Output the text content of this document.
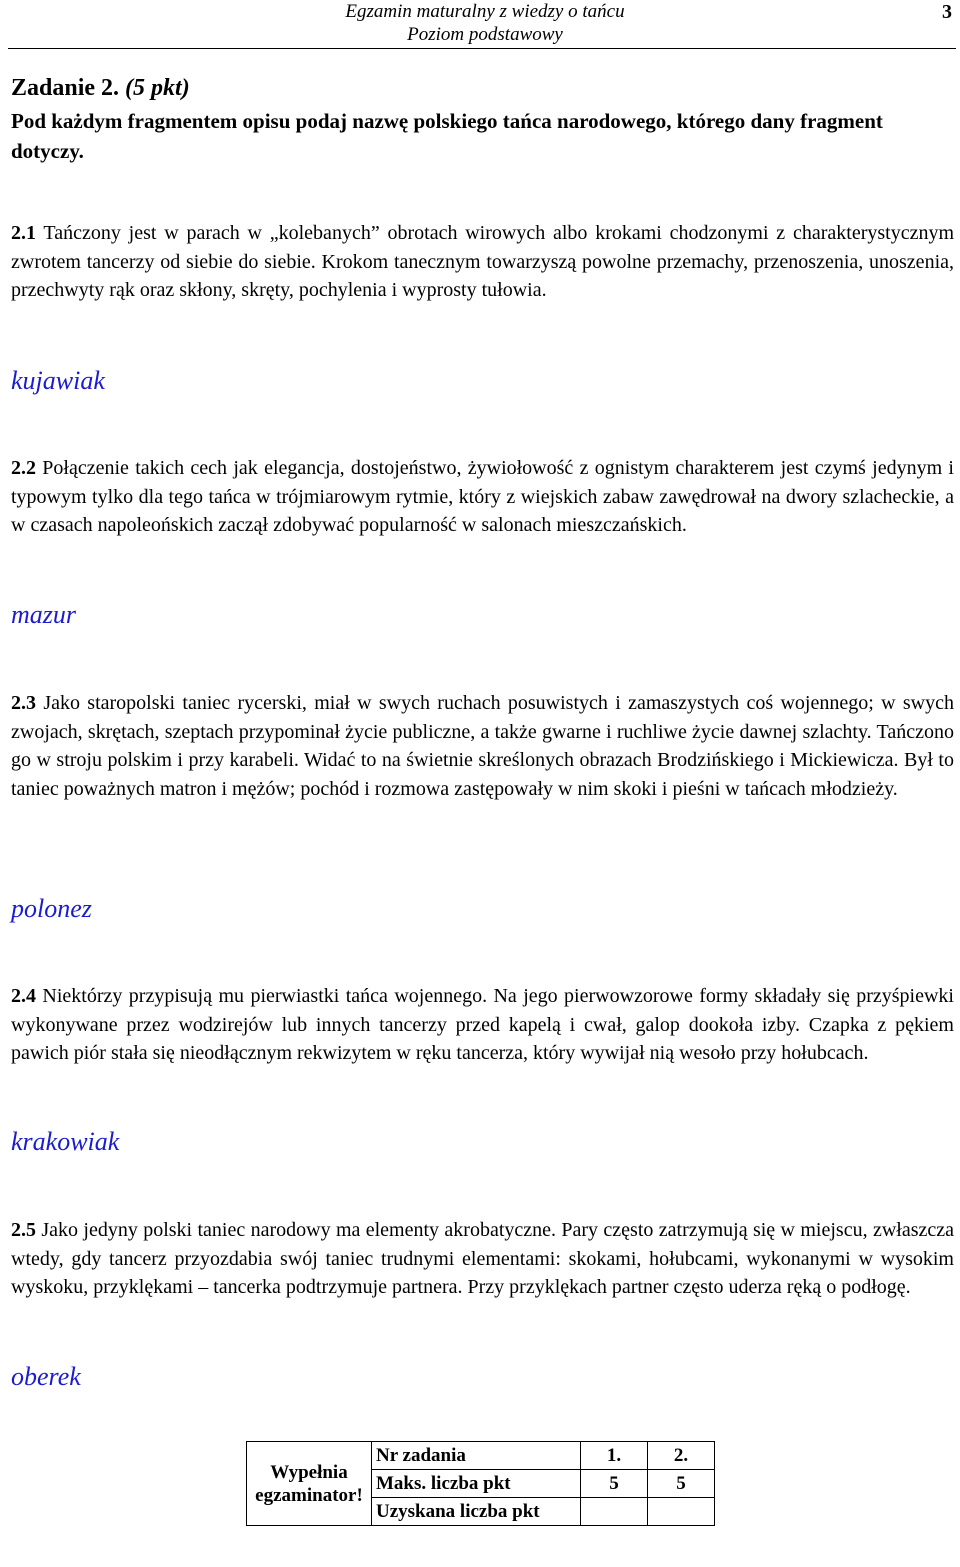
Egzamin maturalny z wiedzy o tańcu
Poziom podstawowy
3
Zadanie 2. (5 pkt)
Pod każdym fragmentem opisu podaj nazwę polskiego tańca narodowego, którego dany fragment dotyczy.
2.1 Tańczony jest w parach w „kolebanych” obrotach wirowych albo krokami chodzonymi z charakterystycznym zwrotem tancerzy od siebie do siebie. Krokom tanecznym towarzyszą powolne przemachy, przenoszenia, unoszenia, przechwyty rąk oraz skłony, skręty, pochylenia i wyprosty tułowia.
kujawiak
2.2 Połączenie takich cech jak elegancja, dostojeństwo, żywiołowość z ognistym charakterem jest czymś jedynym i typowym tylko dla tego tańca w trójmiarowym rytmie, który z wiejskich zabaw zawędrował na dwory szlacheckie, a w czasach napoleońskich zaczął zdobywać popularność w salonach mieszczańskich.
mazur
2.3 Jako staropolski taniec rycerski, miał w swych ruchach posuwistych i zamaszystych coś wojennego; w swych zwojach, skrętach, szeptach przypominał życie publiczne, a także gwarne i ruchliwe życie dawnej szlachty. Tańczono go w stroju polskim i przy karabeli. Widać to na świetnie skreślonych obrazach Brodzińskiego i Mickiewicza. Był to taniec poważnych matron i mężów; pochód i rozmowa zastępowały w nim skoki i pieśni w tańcach młodzieży.
polonez
2.4 Niektórzy przypisują mu pierwiastki tańca wojennego. Na jego pierwowzorowe formy składały się przyśpiewki wykonywane przez wodzirejów lub innych tancerzy przed kapelą i cwał, galop dookoła izby. Czapka z pękiem pawich piór stała się nieodłącznym rekwizytem w ręku tancerza, który wywijał nią wesoło przy hołubcach.
krakowiak
2.5 Jako jedyny polski taniec narodowy ma elementy akrobatyczne. Pary często zatrzymują się w miejscu, zwłaszcza wtedy, gdy tancerz przyozdabia swój taniec trudnymi elementami: skokami, hołubcami, wykonanymi w wysokim wyskoku, przyklękami – tancerka podtrzymuje partnera. Przy przyklękach partner często uderza ręką o podłogę.
oberek
Wypełnia egzaminator!	Nr zadania	1.	2.
	Maks. liczba pkt	5	5
	Uzyskana liczba pkt		
